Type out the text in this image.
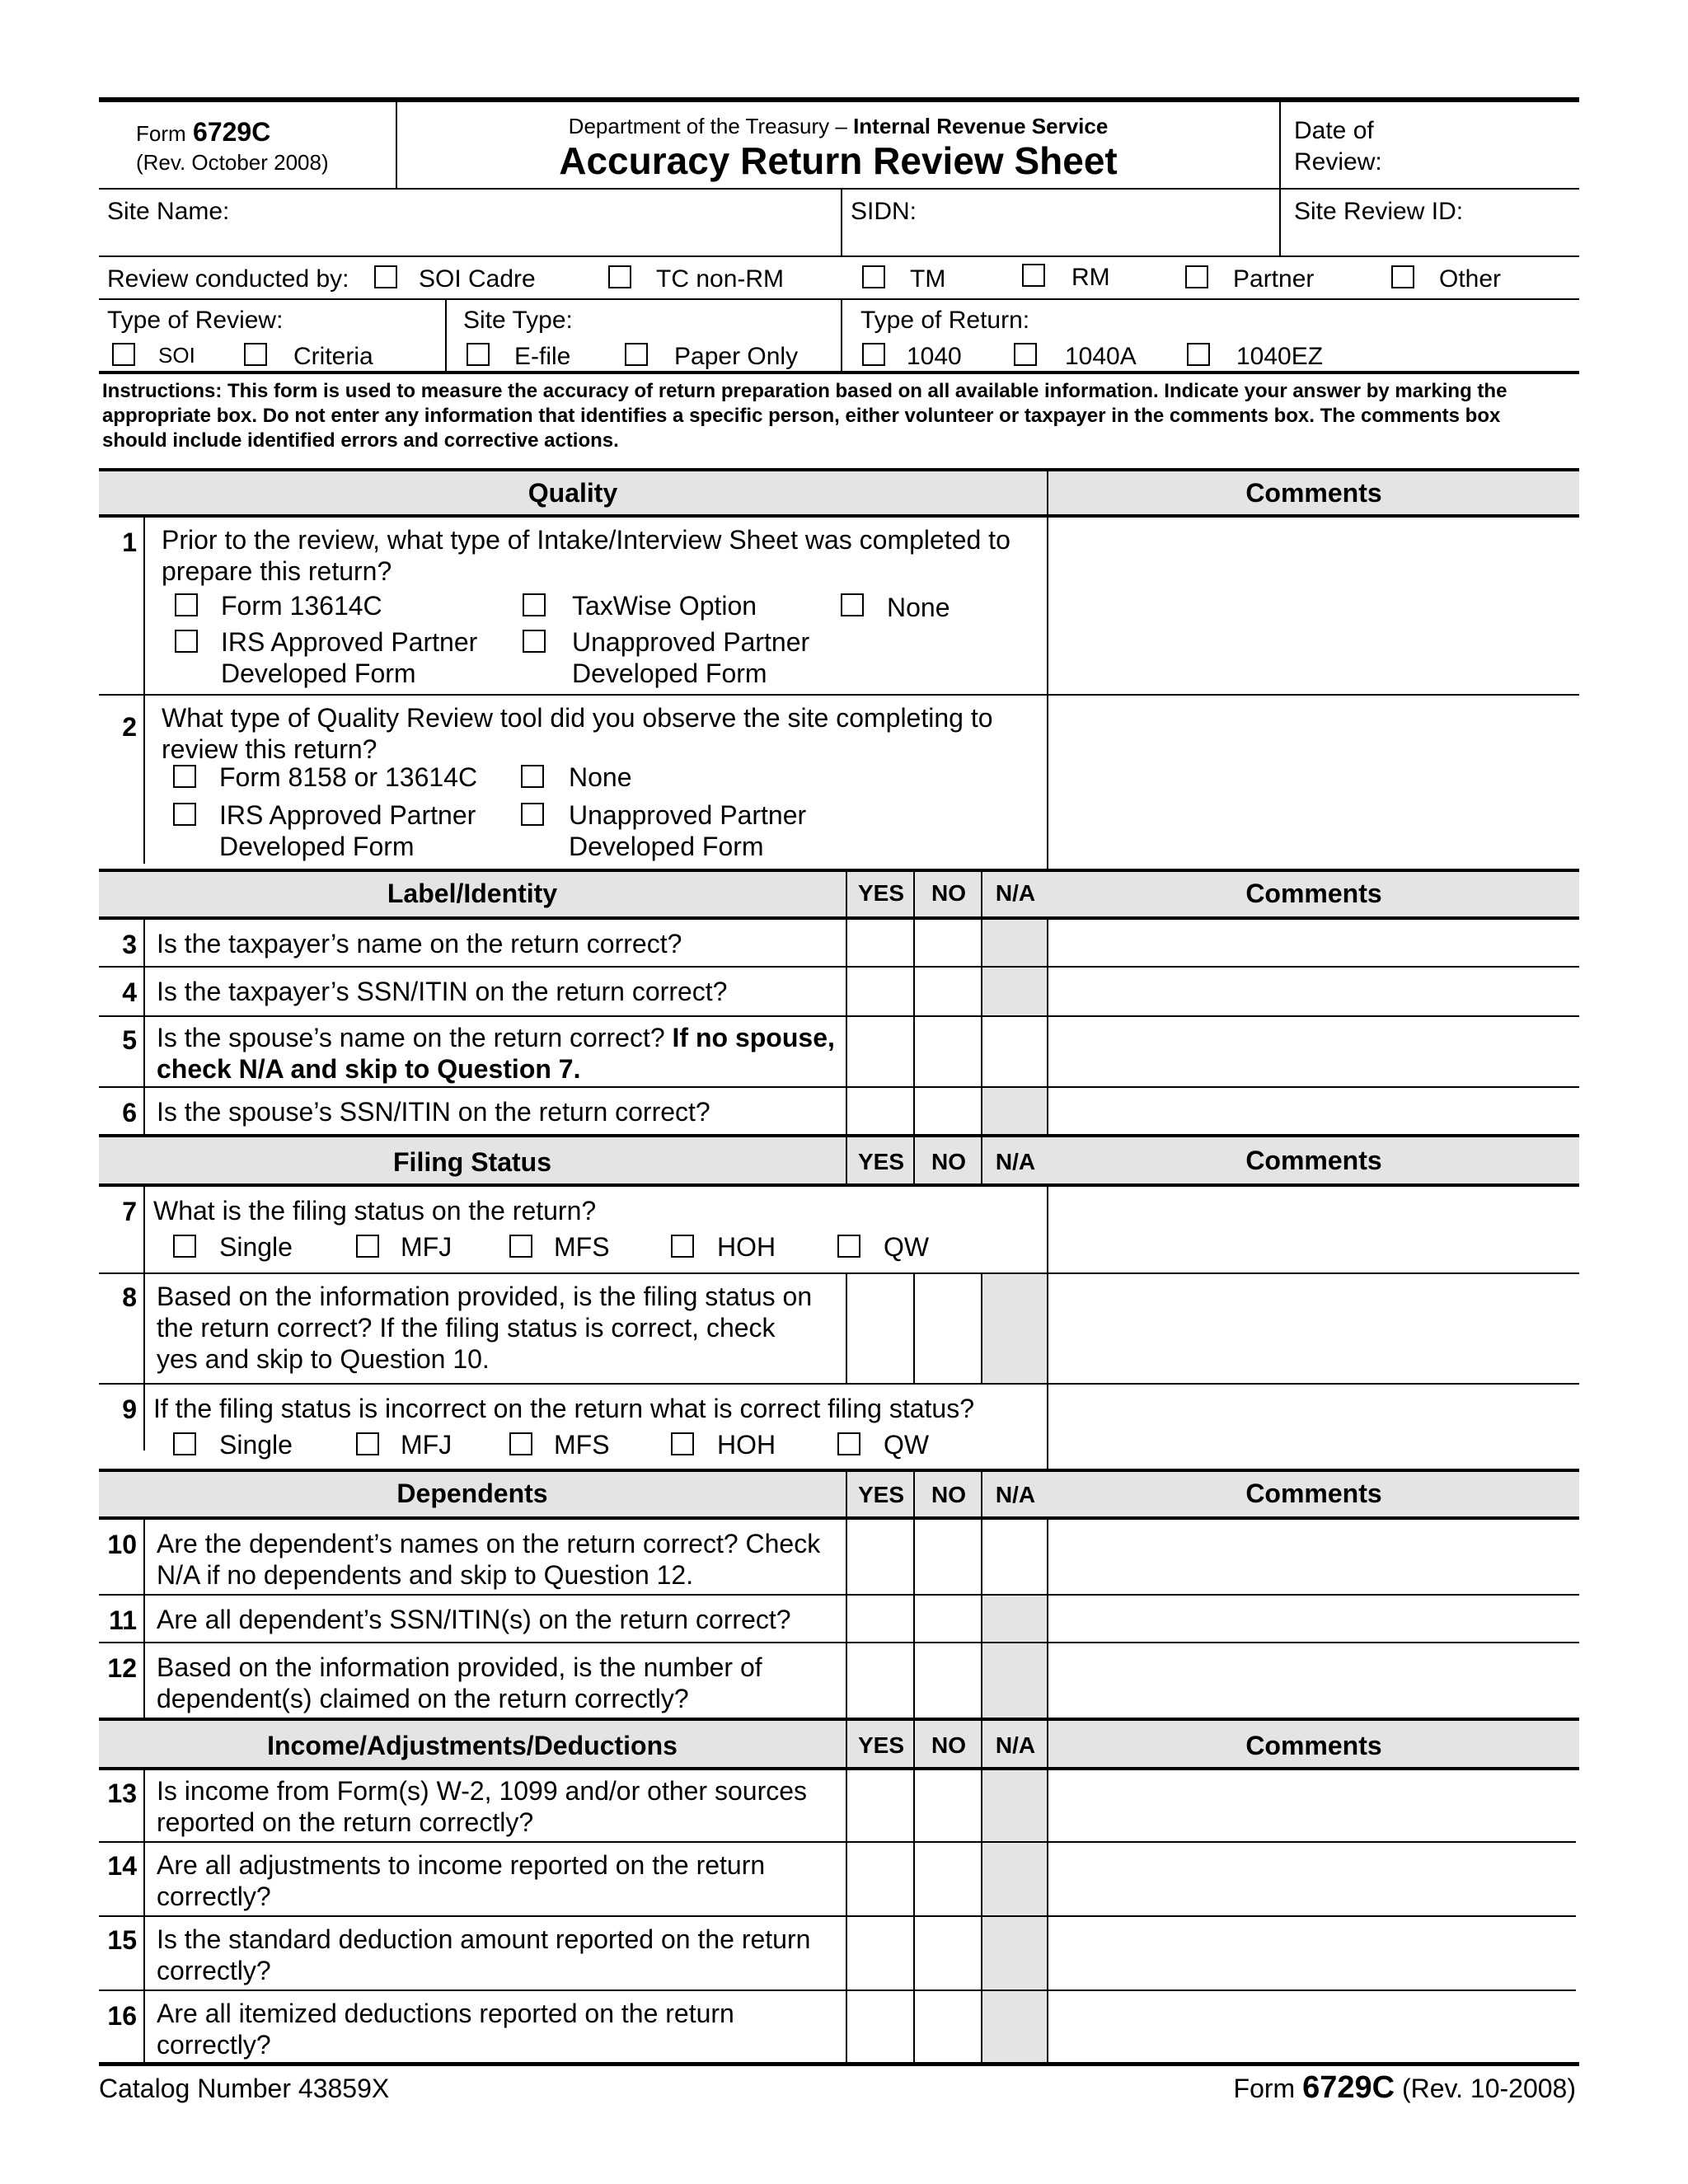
Form 6729C
(Rev. October 2008)
Department of the Treasury – Internal Revenue Service
Accuracy Return Review Sheet
Date of
Review:
Site Name:	SIDN:	Site Review ID:
Review conducted by:	SOI Cadre	TC non-RM	TM	RM	Partner	Other
Type of Review:
SOI	Criteria
Site Type:
E-file	Paper Only
Type of Return:
1040	1040A	1040EZ
Instructions: This form is used to measure the accuracy of return preparation based on all available information. Indicate your answer by marking the appropriate box. Do not enter any information that identifies a specific person, either volunteer or taxpayer in the comments box. The comments box should include identified errors and corrective actions.
Quality	Comments
1 Prior to the review, what type of Intake/Interview Sheet was completed to prepare this return?
Form 13614C	TaxWise Option	None
IRS Approved Partner
Developed Form
Unapproved Partner
Developed Form
2 What type of Quality Review tool did you observe the site completing to review this return?
Form 8158 or 13614C	None
IRS Approved Partner
Developed Form
Unapproved Partner
Developed Form
Label/Identity	YES	NO	N/A	Comments
3 Is the taxpayer’s name on the return correct?
4 Is the taxpayer’s SSN/ITIN on the return correct?
5 Is the spouse’s name on the return correct? If no spouse, check N/A and skip to Question 7.
6 Is the spouse’s SSN/ITIN on the return correct?
Filing Status	YES	NO	N/A	Comments
7 What is the filing status on the return?
Single	MFJ	MFS	HOH	QW
8 Based on the information provided, is the filing status on the return correct? If the filing status is correct, check yes and skip to Question 10.
9 If the filing status is incorrect on the return what is correct filing status?
Single	MFJ	MFS	HOH	QW
Dependents	YES	NO	N/A	Comments
10 Are the dependent’s names on the return correct? Check N/A if no dependents and skip to Question 12.
11 Are all dependent’s SSN/ITIN(s) on the return correct?
12 Based on the information provided, is the number of dependent(s) claimed on the return correctly?
Income/Adjustments/Deductions	YES	NO	N/A	Comments
13 Is income from Form(s) W-2, 1099 and/or other sources reported on the return correctly?
14 Are all adjustments to income reported on the return correctly?
15 Is the standard deduction amount reported on the return correctly?
16 Are all itemized deductions reported on the return correctly?
Catalog Number 43859X	Form 6729C (Rev. 10-2008)
